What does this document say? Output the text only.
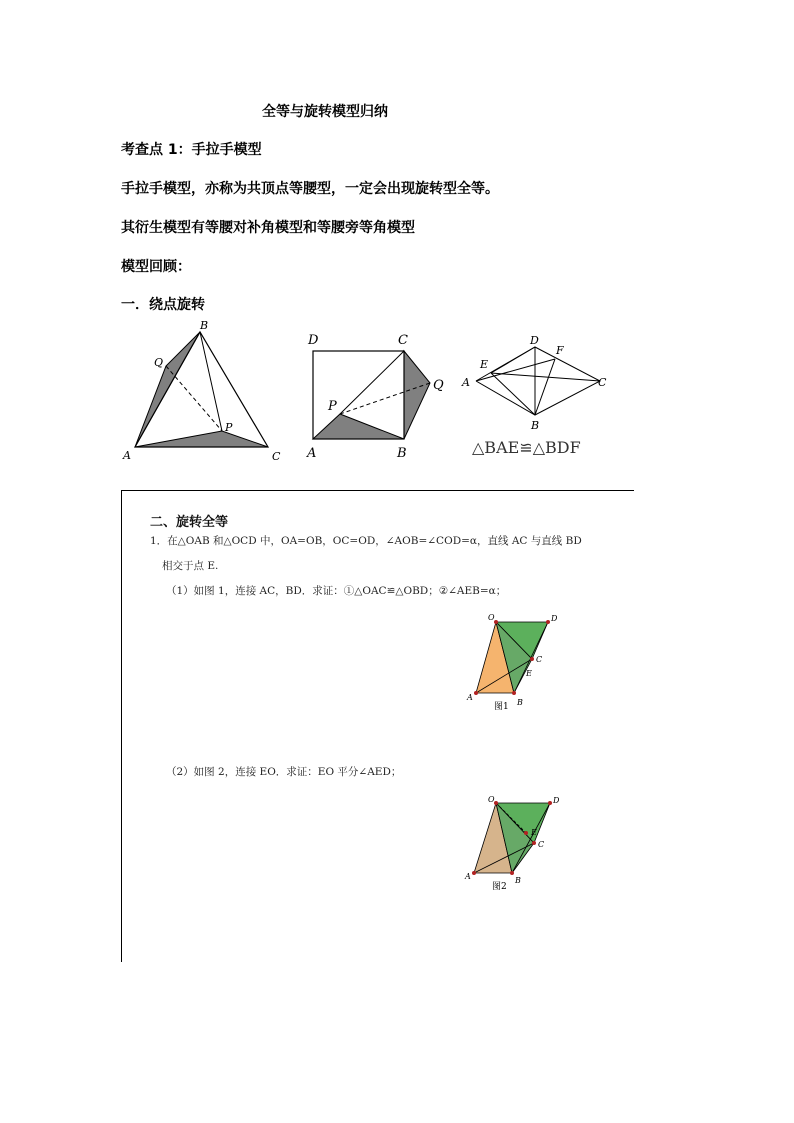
全等与旋转模型归纳
考查点 1：手拉手模型
手拉手模型，亦称为共顶点等腰型，一定会出现旋转型全等。
其衍生模型有等腰对补角模型和等腰旁等角模型
模型回顾：
一．绕点旋转
B
Q
P
A	C
D	C
Q
P
A	B
D
F
E
A	C
B
△BAE≌△BDF
二、旋转全等
1．在△OAB 和△OCD 中，OA=OB，OC=OD，∠AOB=∠COD=α，直线 AC 与直线 BD
相交于点 E.
（1）如图 1，连接 AC，BD．求证：①△OAC≌△OBD；②∠AEB=α；
（2）如图 2，连接 EO．求证：EO 平分∠AED；
O	D
C
E
A
B
图1
O	D
E
C
A	B
图2
